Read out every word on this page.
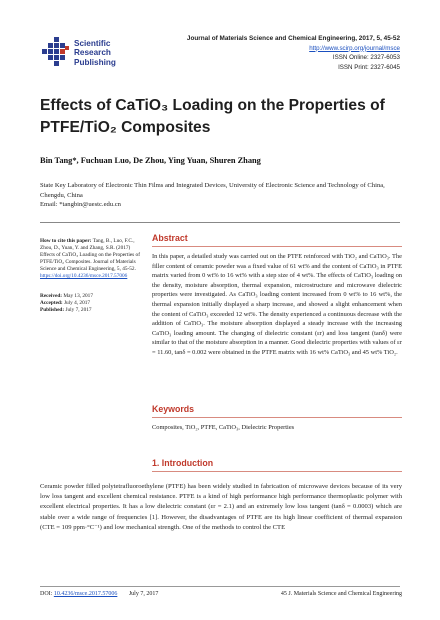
Scientific
Research
Publishing
Journal of Materials Science and Chemical Engineering, 2017, 5, 45-52
http://www.scirp.org/journal/msce
ISSN Online: 2327-6053
ISSN Print: 2327-6045
Effects of CaTiO₃ Loading on the Properties of
PTFE/TiO₂ Composites
Bin Tang*, Fuchuan Luo, De Zhou, Ying Yuan, Shuren Zhang
State Key Laboratory of Electronic Thin Films and Integrated Devices, University of Electronic Science and Technology of China,
Chengdu, China
Email: *tangbin@uestc.edu.cn
How to cite this paper: Tang, B., Luo, F.C., Zhou, D., Yuan, Y. and Zhang, S.R. (2017) Effects of CaTiO₃ Loading on the Properties of PTFE/TiO₂ Composites. Journal of Materials Science and Chemical Engineering, 5, 45-52. https://doi.org/10.4236/msce.2017.57006
Received: May 13, 2017
Accepted: July 4, 2017
Published: July 7, 2017
Abstract

In this paper, a detailed study was carried out on the PTFE reinforced with TiO₂ and CaTiO₃. The filler content of ceramic powder was a fixed value of 61 wt% and the content of CaTiO₃ in PTFE matrix varied from 0 wt% to 16 wt% with a step size of 4 wt%. The effects of CaTiO₃ loading on the density, moisture absorption, thermal expansion, microstructure and microwave dielectric properties were investigated. As CaTiO₃ loading content increased from 0 wt% to 16 wt%, the thermal expansion initially displayed a sharp increase, and showed a slight enhancement when the content of CaTiO₃ exceeded 12 wt%. The density experienced a continuous decrease with the addition of CaTiO₃. The moisture absorption displayed a steady increase with the increasing CaTiO₃ loading amount. The changing of dielectric constant (εr) and loss tangent (tanδ) were similar to that of the moisture absorption in a manner. Good dielectric properties with values of εr = 11.60, tanδ = 0.002 were obtained in the PTFE matrix with 16 wt% CaTiO₃ and 45 wt% TiO₂.

Keywords

Composites, TiO₂, PTFE, CaTiO₃, Dielectric Properties

1. Introduction

Ceramic powder filled polytetrafluoroethylene (PTFE) has been widely studied in fabrication of microwave devices because of its very low loss tangent and excellent chemical resistance. PTFE is a kind of high performance high performance thermoplastic polymer with excellent electrical properties. It has a low dielectric constant (εr = 2.1) and an extremely low loss tangent (tanδ = 0.0003) which are stable over a wide range of frequencies [1]. However, the disadvantages of PTFE are its high linear coefficient of thermal expansion (CTE = 109 ppm·°C⁻¹) and low mechanical strength. One of the methods to control the CTE

DOI: 10.4236/msce.2017.57006 July 7, 2017	45 J. Materials Science and Chemical Engineering
